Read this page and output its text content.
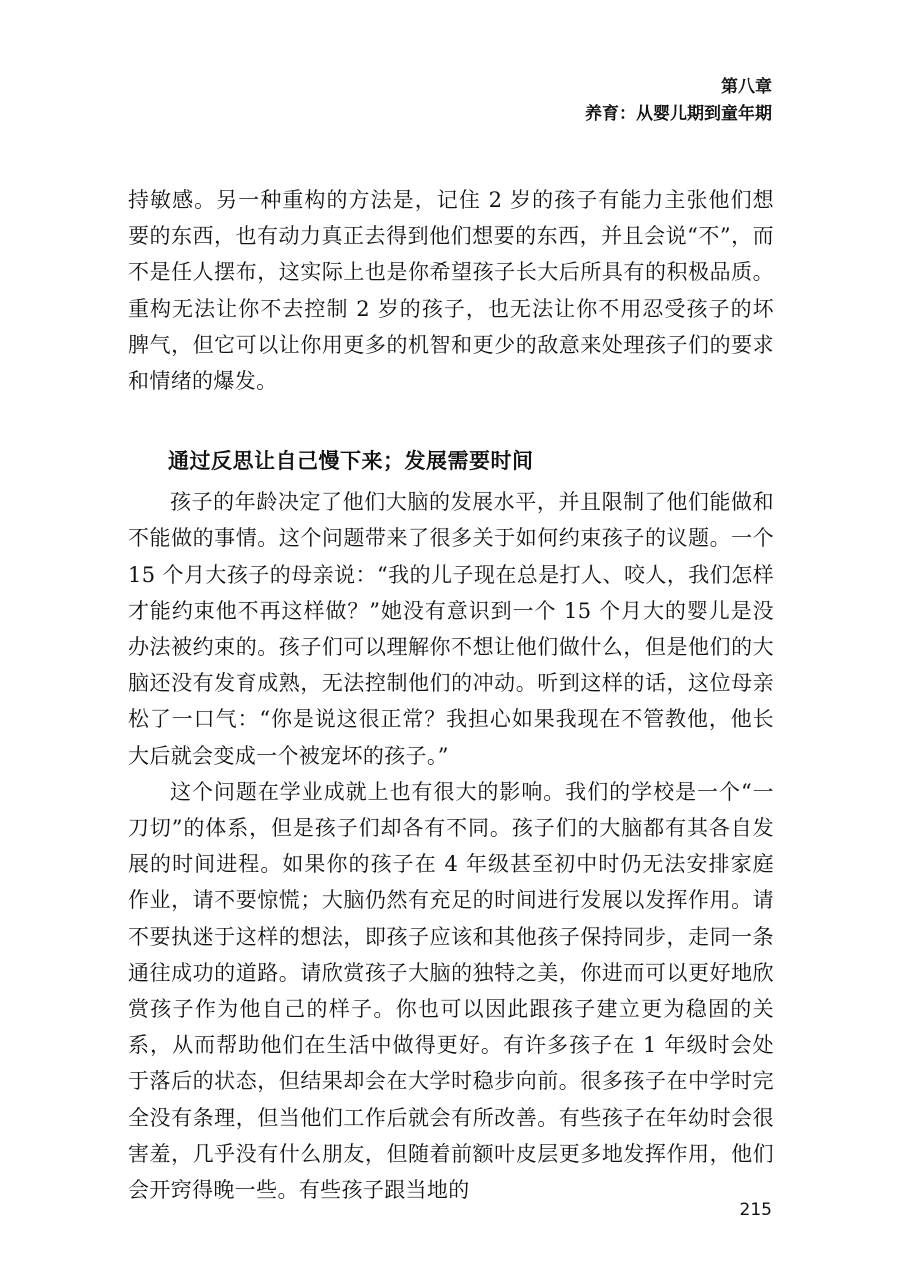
第八章
养育：从婴儿期到童年期

持敏感。另一种重构的方法是，记住 2 岁的孩子有能力主张他们想要的东西，也有动力真正去得到他们想要的东西，并且会说“不”，而不是任人摆布，这实际上也是你希望孩子长大后所具有的积极品质。重构无法让你不去控制 2 岁的孩子，也无法让你不用忍受孩子的坏脾气，但它可以让你用更多的机智和更少的敌意来处理孩子们的要求和情绪的爆发。

通过反思让自己慢下来；发展需要时间

孩子的年龄决定了他们大脑的发展水平，并且限制了他们能做和不能做的事情。这个问题带来了很多关于如何约束孩子的议题。一个 15 个月大孩子的母亲说：“我的儿子现在总是打人、咬人，我们怎样才能约束他不再这样做？”她没有意识到一个 15 个月大的婴儿是没办法被约束的。孩子们可以理解你不想让他们做什么，但是他们的大脑还没有发育成熟，无法控制他们的冲动。听到这样的话，这位母亲松了一口气：“你是说这很正常？我担心如果我现在不管教他，他长大后就会变成一个被宠坏的孩子。”

这个问题在学业成就上也有很大的影响。我们的学校是一个“一刀切”的体系，但是孩子们却各有不同。孩子们的大脑都有其各自发展的时间进程。如果你的孩子在 4 年级甚至初中时仍无法安排家庭作业，请不要惊慌；大脑仍然有充足的时间进行发展以发挥作用。请不要执迷于这样的想法，即孩子应该和其他孩子保持同步，走同一条通往成功的道路。请欣赏孩子大脑的独特之美，你进而可以更好地欣赏孩子作为他自己的样子。你也可以因此跟孩子建立更为稳固的关系，从而帮助他们在生活中做得更好。有许多孩子在 1 年级时会处于落后的状态，但结果却会在大学时稳步向前。很多孩子在中学时完全没有条理，但当他们工作后就会有所改善。有些孩子在年幼时会很害羞，几乎没有什么朋友，但随着前额叶皮层更多地发挥作用，他们会开窍得晚一些。有些孩子跟当地的

215
